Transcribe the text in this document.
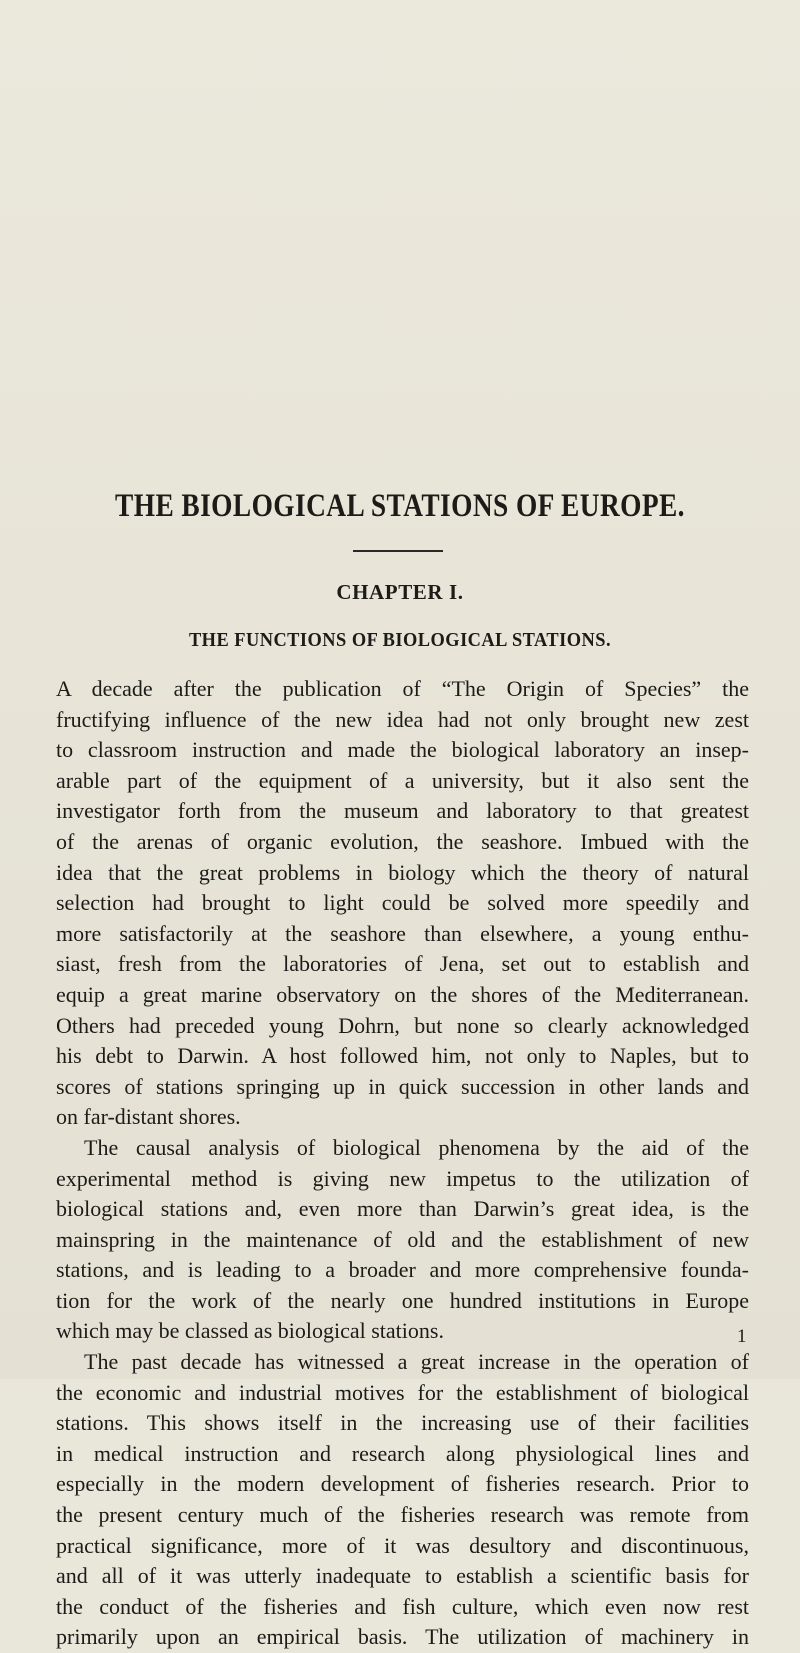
THE BIOLOGICAL STATIONS OF EUROPE.
CHAPTER I.
THE FUNCTIONS OF BIOLOGICAL STATIONS.
A decade after the publication of “The Origin of Species” the
fructifying influence of the new idea had not only brought new zest
to classroom instruction and made the biological laboratory an insep-
arable part of the equipment of a university, but it also sent the
investigator forth from the museum and laboratory to that greatest
of the arenas of organic evolution, the seashore. Imbued with the
idea that the great problems in biology which the theory of natural
selection had brought to light could be solved more speedily and
more satisfactorily at the seashore than elsewhere, a young enthu-
siast, fresh from the laboratories of Jena, set out to establish and
equip a great marine observatory on the shores of the Mediterranean.
Others had preceded young Dohrn, but none so clearly acknowledged
his debt to Darwin. A host followed him, not only to Naples, but to
scores of stations springing up in quick succession in other lands and
on far-distant shores.
The causal analysis of biological phenomena by the aid of the
experimental method is giving new impetus to the utilization of
biological stations and, even more than Darwin’s great idea, is the
mainspring in the maintenance of old and the establishment of new
stations, and is leading to a broader and more comprehensive founda-
tion for the work of the nearly one hundred institutions in Europe
which may be classed as biological stations.
The past decade has witnessed a great increase in the operation of
the economic and industrial motives for the establishment of biological
stations. This shows itself in the increasing use of their facilities
in medical instruction and research along physiological lines and
especially in the modern development of fisheries research. Prior to
the present century much of the fisheries research was remote from
practical significance, more of it was desultory and discontinuous,
and all of it was utterly inadequate to establish a scientific basis for
the conduct of the fisheries and fish culture, which even now rest
primarily upon an empirical basis. The utilization of machinery in
1
